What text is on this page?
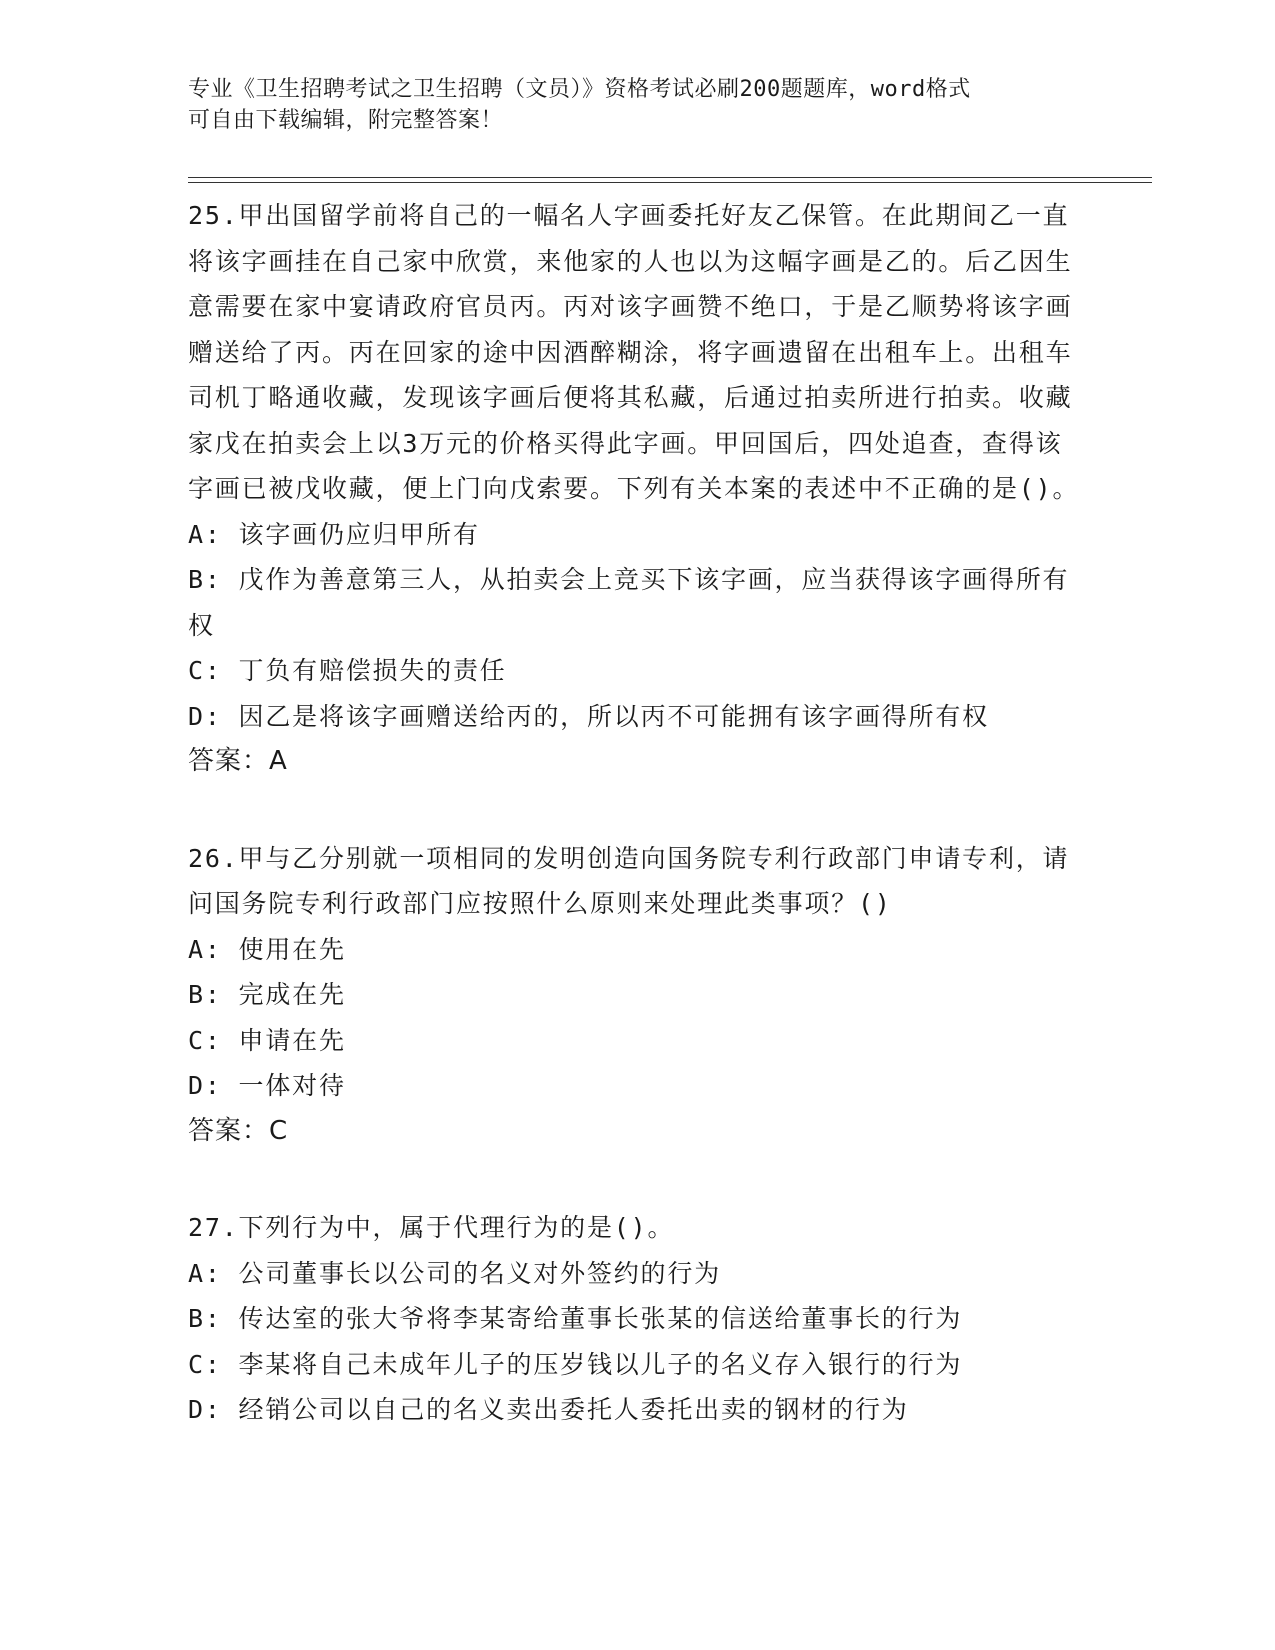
专业《卫生招聘考试之卫生招聘（文员）》资格考试必刷200题题库，word格式
可自由下载编辑，附完整答案！

25.甲出国留学前将自己的一幅名人字画委托好友乙保管。在此期间乙一直将该字画挂在自己家中欣赏，来他家的人也以为这幅字画是乙的。后乙因生意需要在家中宴请政府官员丙。丙对该字画赞不绝口，于是乙顺势将该字画赠送给了丙。丙在回家的途中因酒醉糊涂，将字画遗留在出租车上。出租车司机丁略通收藏，发现该字画后便将其私藏，后通过拍卖所进行拍卖。收藏家戊在拍卖会上以3万元的价格买得此字画。甲回国后，四处追查，查得该字画已被戊收藏，便上门向戊索要。下列有关本案的表述中不正确的是()。

A: 该字画仍应归甲所有

B: 戊作为善意第三人，从拍卖会上竞买下该字画，应当获得该字画得所有权

C: 丁负有赔偿损失的责任

D: 因乙是将该字画赠送给丙的，所以丙不可能拥有该字画得所有权

答案：A

26.甲与乙分别就一项相同的发明创造向国务院专利行政部门申请专利，请问国务院专利行政部门应按照什么原则来处理此类事项？()

A: 使用在先

B: 完成在先

C: 申请在先

D: 一体对待

答案：C

27.下列行为中，属于代理行为的是()。

A: 公司董事长以公司的名义对外签约的行为

B: 传达室的张大爷将李某寄给董事长张某的信送给董事长的行为

C: 李某将自己未成年儿子的压岁钱以儿子的名义存入银行的行为

D: 经销公司以自己的名义卖出委托人委托出卖的钢材的行为
